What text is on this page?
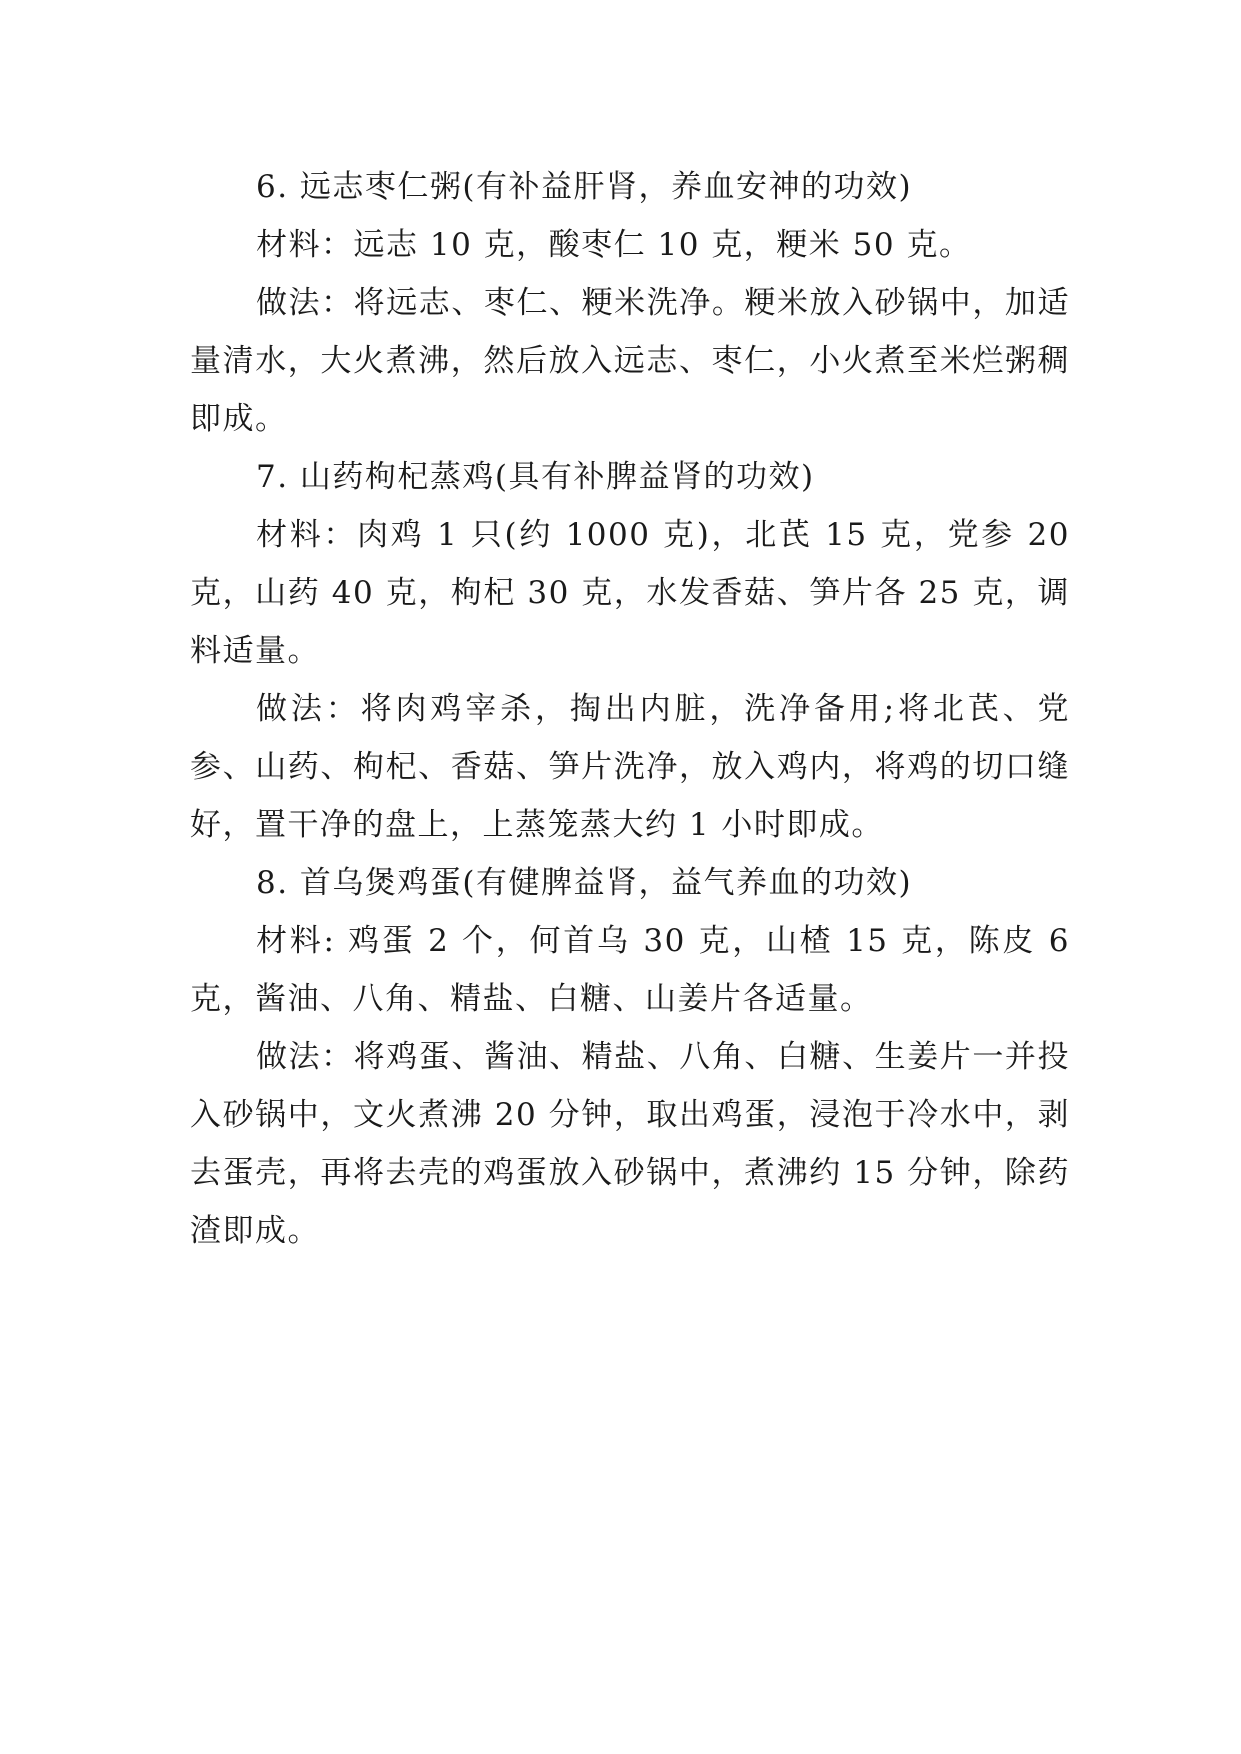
6. 远志枣仁粥(有补益肝肾，养血安神的功效)

材料：远志 10 克，酸枣仁 10 克，粳米 50 克。

做法：将远志、枣仁、粳米洗净。粳米放入砂锅中，加适量清水，大火煮沸，然后放入远志、枣仁，小火煮至米烂粥稠即成。

7. 山药枸杞蒸鸡(具有补脾益肾的功效)

材料：肉鸡 1 只(约 1000 克)，北芪 15 克，党参 20 克，山药 40 克，枸杞 30 克，水发香菇、笋片各 25 克，调料适量。

做法：将肉鸡宰杀，掏出内脏，洗净备用;将北芪、党参、山药、枸杞、香菇、笋片洗净，放入鸡内，将鸡的切口缝好，置干净的盘上，上蒸笼蒸大约 1 小时即成。

8. 首乌煲鸡蛋(有健脾益肾，益气养血的功效)

材料: 鸡蛋 2 个，何首乌 30 克，山楂 15 克，陈皮 6 克，酱油、八角、精盐、白糖、山姜片各适量。

做法：将鸡蛋、酱油、精盐、八角、白糖、生姜片一并投入砂锅中，文火煮沸 20 分钟，取出鸡蛋，浸泡于冷水中，剥去蛋壳，再将去壳的鸡蛋放入砂锅中，煮沸约 15 分钟，除药渣即成。
